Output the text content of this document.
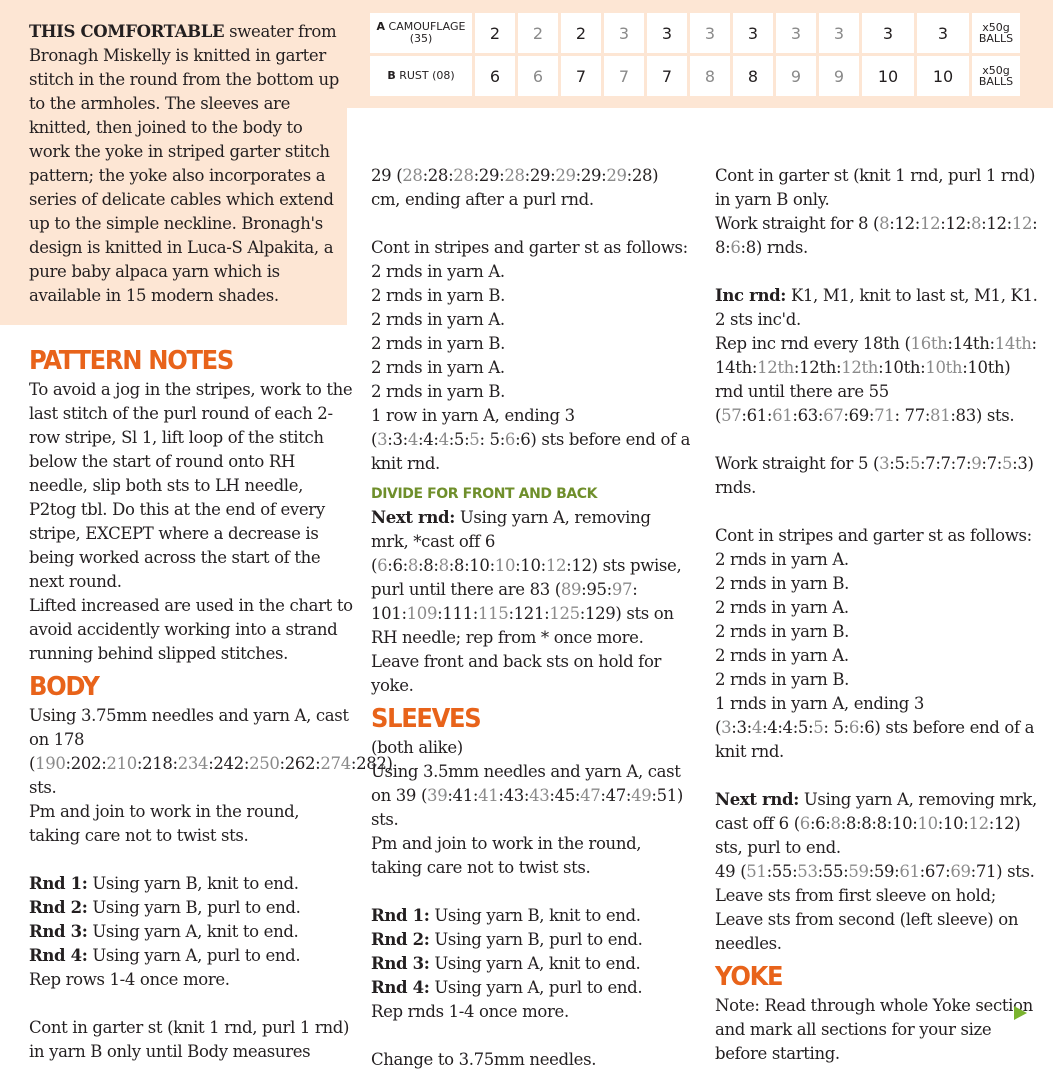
THIS COMFORTABLE sweater from Bronagh Miskelly is knitted in garter stitch in the round from the bottom up to the armholes. The sleeves are knitted, then joined to the body to work the yoke in striped garter stitch pattern; the yoke also incorporates a series of delicate cables which extend up to the simple neckline. Bronagh's design is knitted in Luca-S Alpakita, a pure baby alpaca yarn which is available in 15 modern shades.
A CAMOUFLAGE (35)	2	2	2	3	3	3	3	3	3	3	3	x50g
BALLS
B RUST (08)	6	6	7	7	7	8	8	9	9	10	10	x50g
BALLS

PATTERN NOTES

To avoid a jog in the stripes, work to the last stitch of the purl round of each 2-row stripe, Sl 1, lift loop of the stitch below the start of round onto RH needle, slip both sts to LH needle, P2tog tbl. Do this at the end of every stripe, EXCEPT where a decrease is being worked across the start of the next round.

Lifted increased are used in the chart to avoid accidently working into a strand running behind slipped stitches.

BODY

Using 3.75mm needles and yarn A, cast on 178 (190:202:210:218:234:242:250:262:274:282) sts.

Pm and join to work in the round, taking care not to twist sts.

Rnd 1: Using yarn B, knit to end.

Rnd 2: Using yarn B, purl to end.

Rnd 3: Using yarn A, knit to end.

Rnd 4: Using yarn A, purl to end.

Rep rows 1-4 once more.

Cont in garter st (knit 1 rnd, purl 1 rnd) in yarn B only until Body measures

29 (28:28:28:29:28:29:29:29:29:28) cm, ending after a purl rnd.

Cont in stripes and garter st as follows:

2 rnds in yarn A.

2 rnds in yarn B.

2 rnds in yarn A.

2 rnds in yarn B.

2 rnds in yarn A.

2 rnds in yarn B.

1 row in yarn A, ending 3 (3:3:4:4:4:5:5: 5:6:6) sts before end of a knit rnd.

DIVIDE FOR FRONT AND BACK

Next rnd: Using yarn A, removing mrk, *cast off 6 (6:6:8:8:8:8:10:10:10:12:12) sts pwise, purl until there are 83 (89:95:97: 101:109:111:115:121:125:129) sts on RH needle; rep from * once more. Leave front and back sts on hold for yoke.

SLEEVES

(both alike)

Using 3.5mm needles and yarn A, cast on 39 (39:41:41:43:43:45:47:47:49:51) sts.

Pm and join to work in the round, taking care not to twist sts.

Rnd 1: Using yarn B, knit to end.

Rnd 2: Using yarn B, purl to end.

Rnd 3: Using yarn A, knit to end.

Rnd 4: Using yarn A, purl to end.

Rep rnds 1-4 once more.

Change to 3.75mm needles.

Cont in garter st (knit 1 rnd, purl 1 rnd) in yarn B only.

Work straight for 8 (8:12:12:12:8:12:12: 8:6:8) rnds.

Inc rnd: K1, M1, knit to last st, M1, K1.

2 sts inc'd.

Rep inc rnd every 18th (16th:14th:14th: 14th:12th:12th:12th:10th:10th:10th) rnd until there are 55 (57:61:61:63:67:69:71: 77:81:83) sts.

Work straight for 5 (3:5:5:7:7:7:9:7:5:3) rnds.

Cont in stripes and garter st as follows:

2 rnds in yarn A.

2 rnds in yarn B.

2 rnds in yarn A.

2 rnds in yarn B.

2 rnds in yarn A.

2 rnds in yarn B.

1 rnds in yarn A, ending 3 (3:3:4:4:4:5:5: 5:6:6) sts before end of a knit rnd.

Next rnd: Using yarn A, removing mrk, cast off 6 (6:6:8:8:8:8:10:10:10:12:12) sts, purl to end.

49 (51:55:53:55:59:59:61:67:69:71) sts.

Leave sts from first sleeve on hold; Leave sts from second (left sleeve) on needles.

YOKE

Note: Read through whole Yoke section and mark all sections for your size before starting.
